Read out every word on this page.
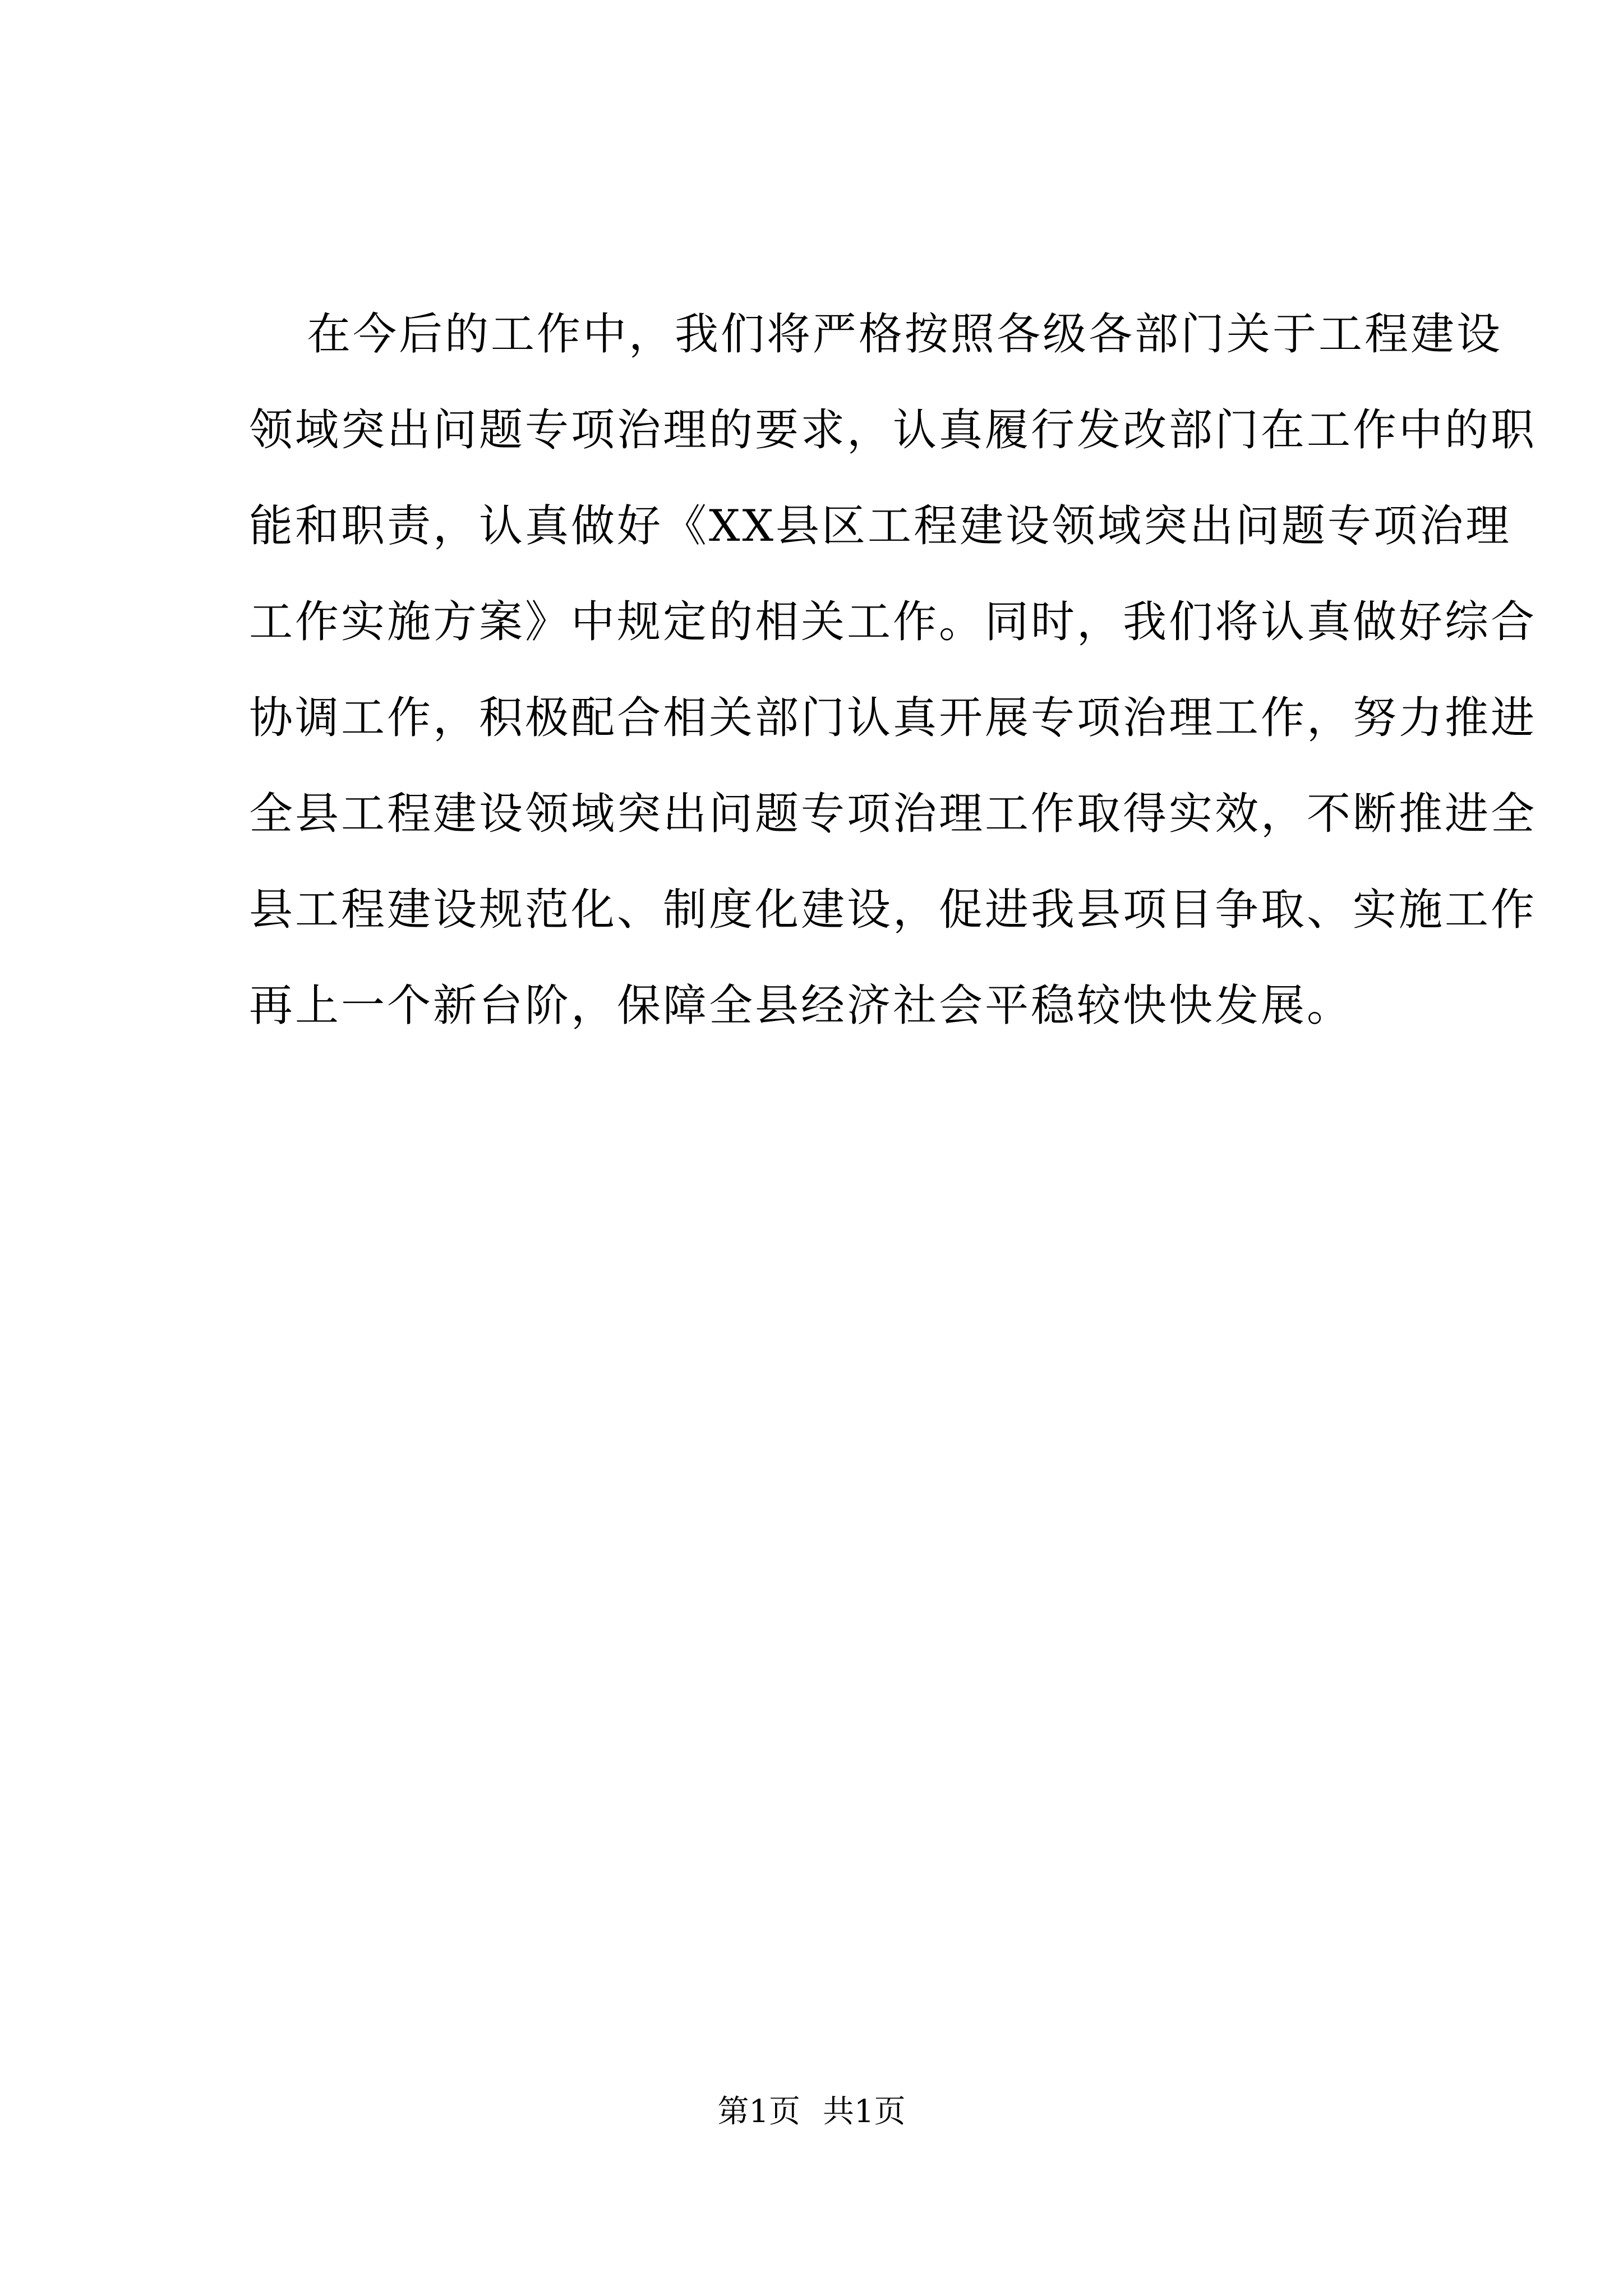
在今后的工作中，我们将严格按照各级各部门关于工程建设
领域突出问题专项治理的要求，认真履行发改部门在工作中的职
能和职责，认真做好《XX县区工程建设领域突出问题专项治理
工作实施方案》中规定的相关工作。同时，我们将认真做好综合
协调工作，积极配合相关部门认真开展专项治理工作，努力推进
全县工程建设领域突出问题专项治理工作取得实效，不断推进全
县工程建设规范化、制度化建设，促进我县项目争取、实施工作
再上一个新台阶，保障全县经济社会平稳较快快发展。
第1页 共1页
